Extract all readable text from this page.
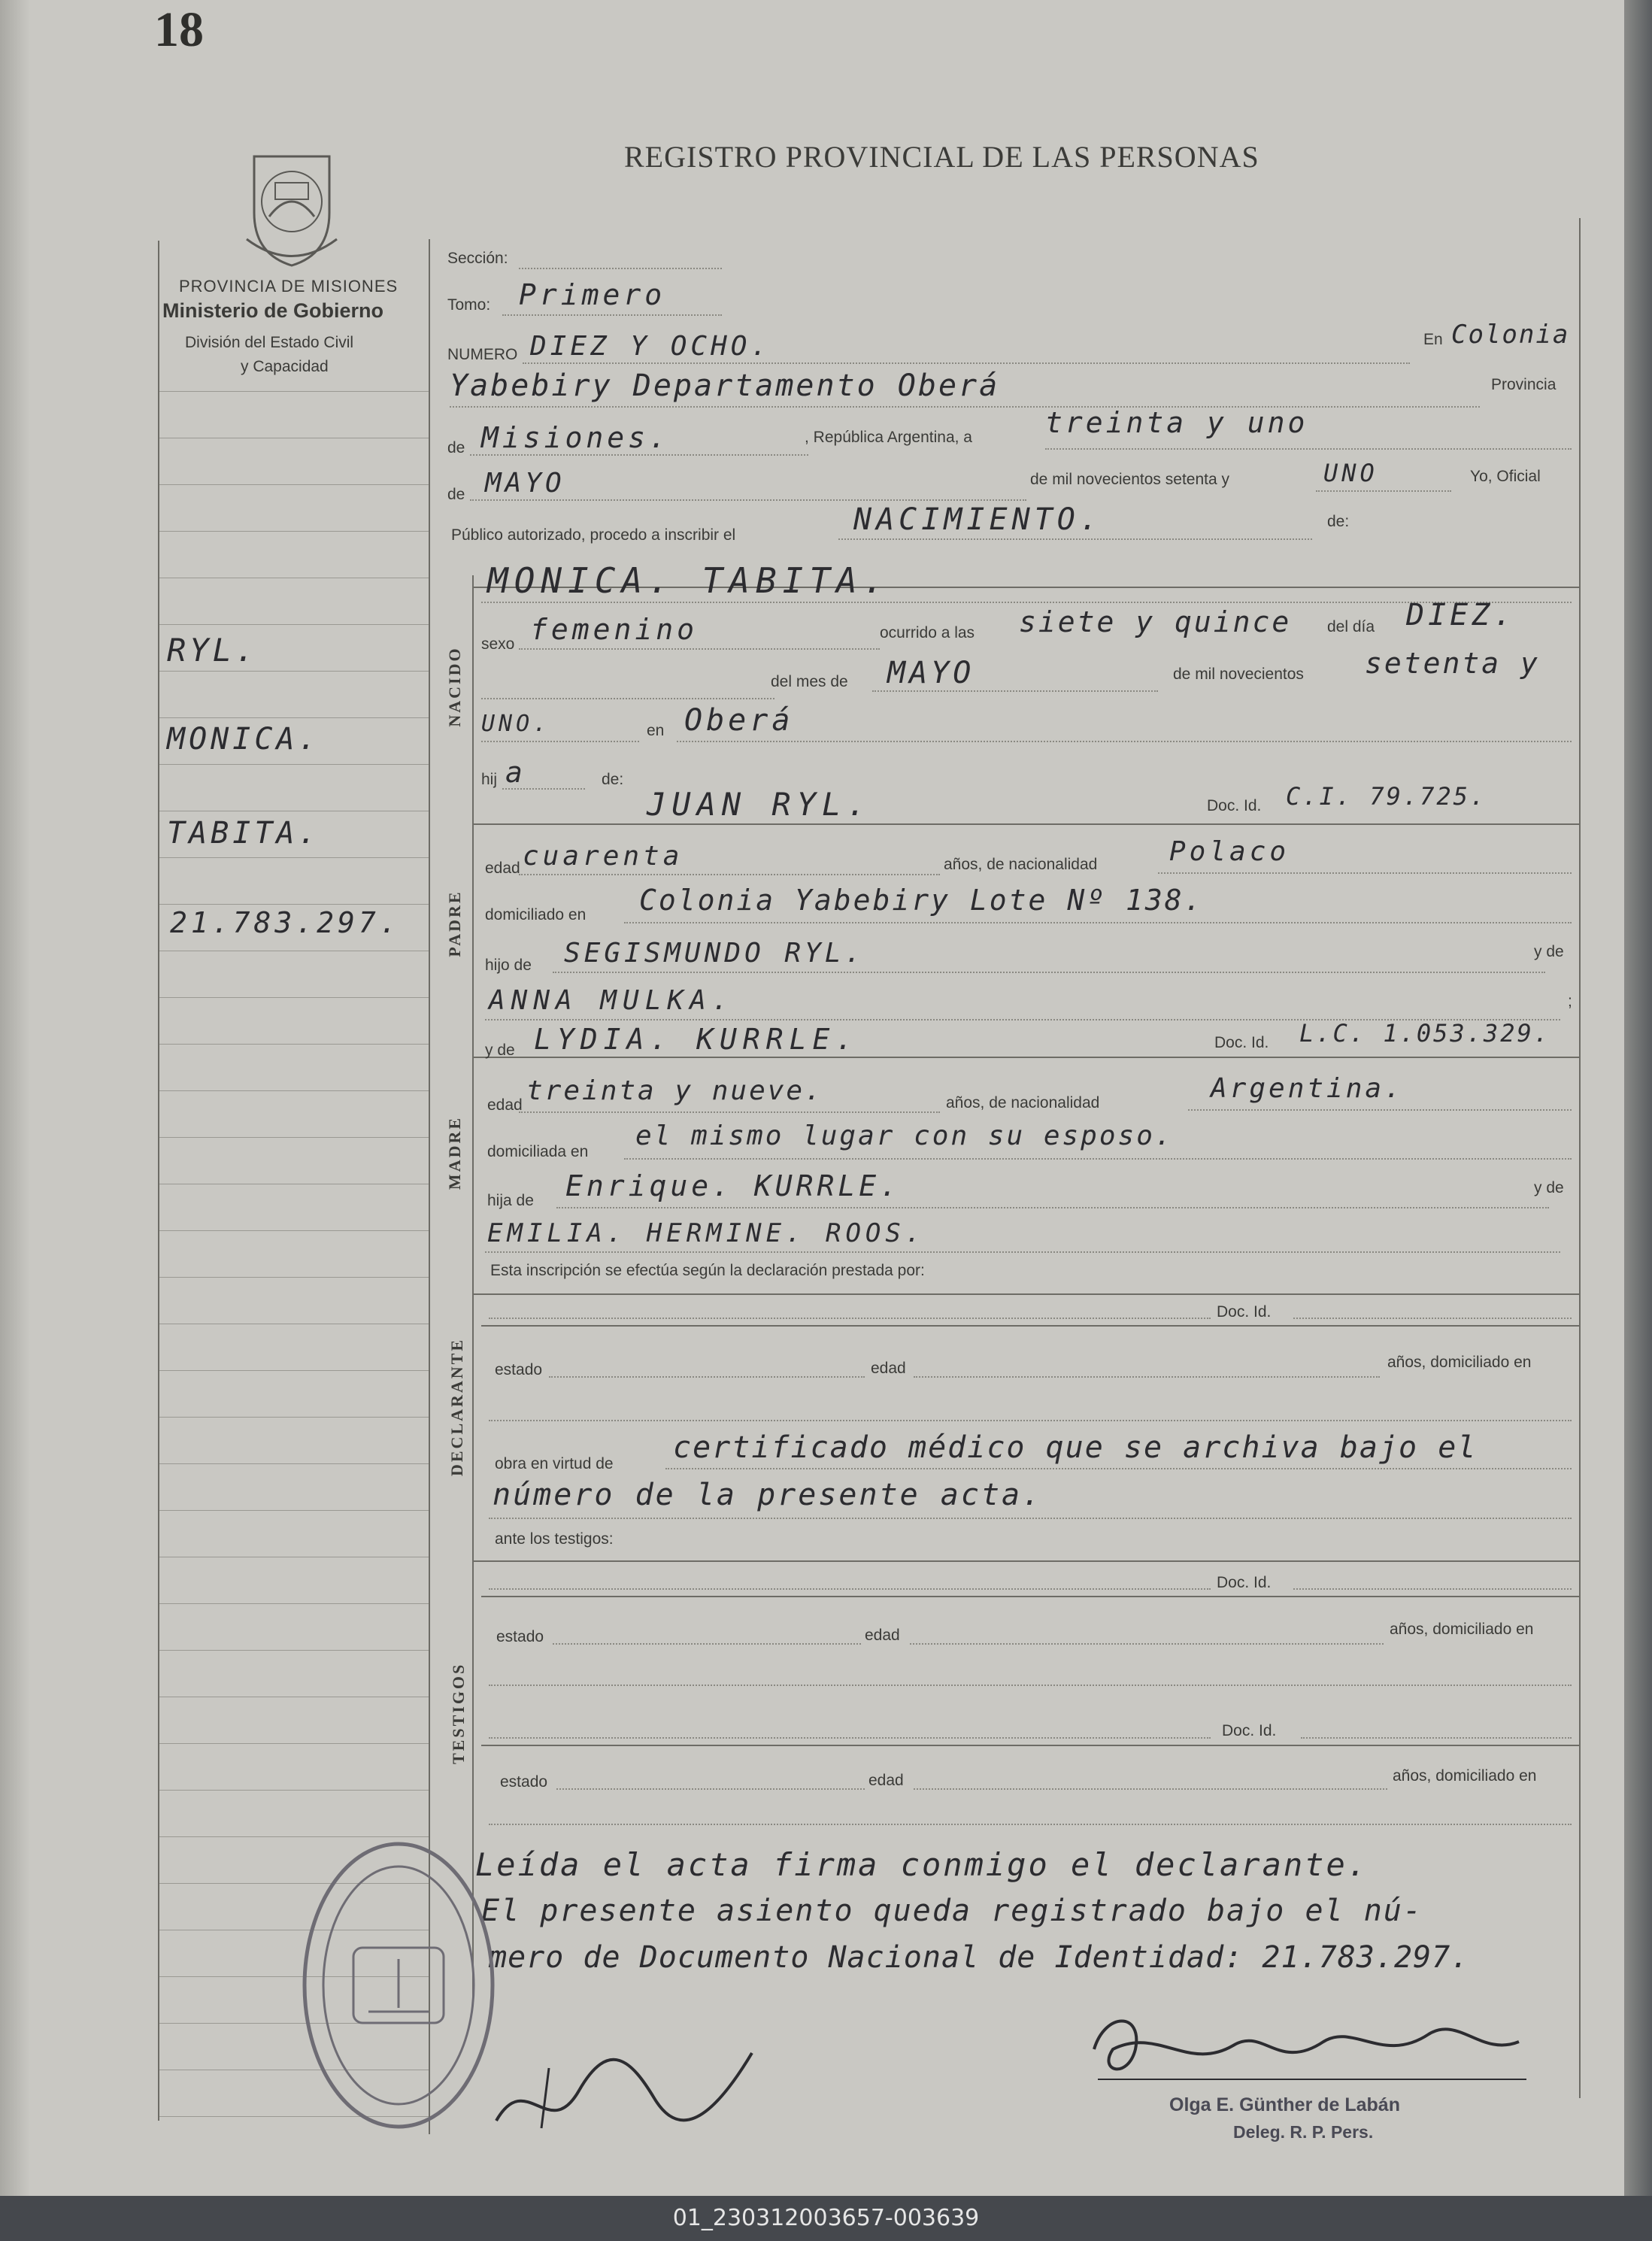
18
REGISTRO PROVINCIAL DE LAS PERSONAS
PROVINCIA DE MISIONES
Ministerio de Gobierno
División del Estado Civil
y Capacidad
RYL.
MONICA.
TABITA.
21.783.297.
Sección:
Tomo: Primero
NUMERO DIEZ Y OCHO.	En Colonia
Yabebiry Departamento Oberá	Provincia
de Misiones.	, República Argentina, a	treinta y uno
de MAYO	de mil novecientos setenta y	UNO	Yo, Oficial
Público autorizado, procedo a inscribir el	NACIMIENTO.	de:
NACIDO
MONICA. TABITA.
sexo femenino	ocurrido a las siete y quince del día DIEZ.
del mes de MAYO	de mil novecientos setenta y
UNO.	en Oberá
hij a	de:
PADRE
JUAN RYL.	Doc. Id. C.I. 79.725.
edad cuarenta	años, de nacionalidad	Polaco
domiciliado en Colonia Yabebiry Lote Nº 138.
hijo de SEGISMUNDO RYL.	y de
ANNA MULKA.	;
MADRE
y de LYDIA. KURRLE.	Doc. Id. L.C. 1.053.329.
edad treinta y nueve.	años, de nacionalidad	Argentina.
domiciliada en
el mismo lugar con su esposo.
hija de Enrique. KURRLE.	y de
EMILIA. HERMINE. ROOS.
Esta inscripción se efectúa según la declaración prestada por:
DECLARANTE
Doc. Id.
estado	edad	años, domiciliado en
obra en virtud de certificado médico que se archiva bajo el
número de la presente acta.
ante los testigos:
TESTIGOS
Doc. Id.
estado	edad	años, domiciliado en
Doc. Id.
estado	edad	años, domiciliado en
Leída el acta firma conmigo el declarante.
El presente asiento queda registrado bajo el nú-
mero de Documento Nacional de Identidad: 21.783.297.
Olga E. Günther de Labán
Deleg. R. P. Pers.
01_230312003657-003639
